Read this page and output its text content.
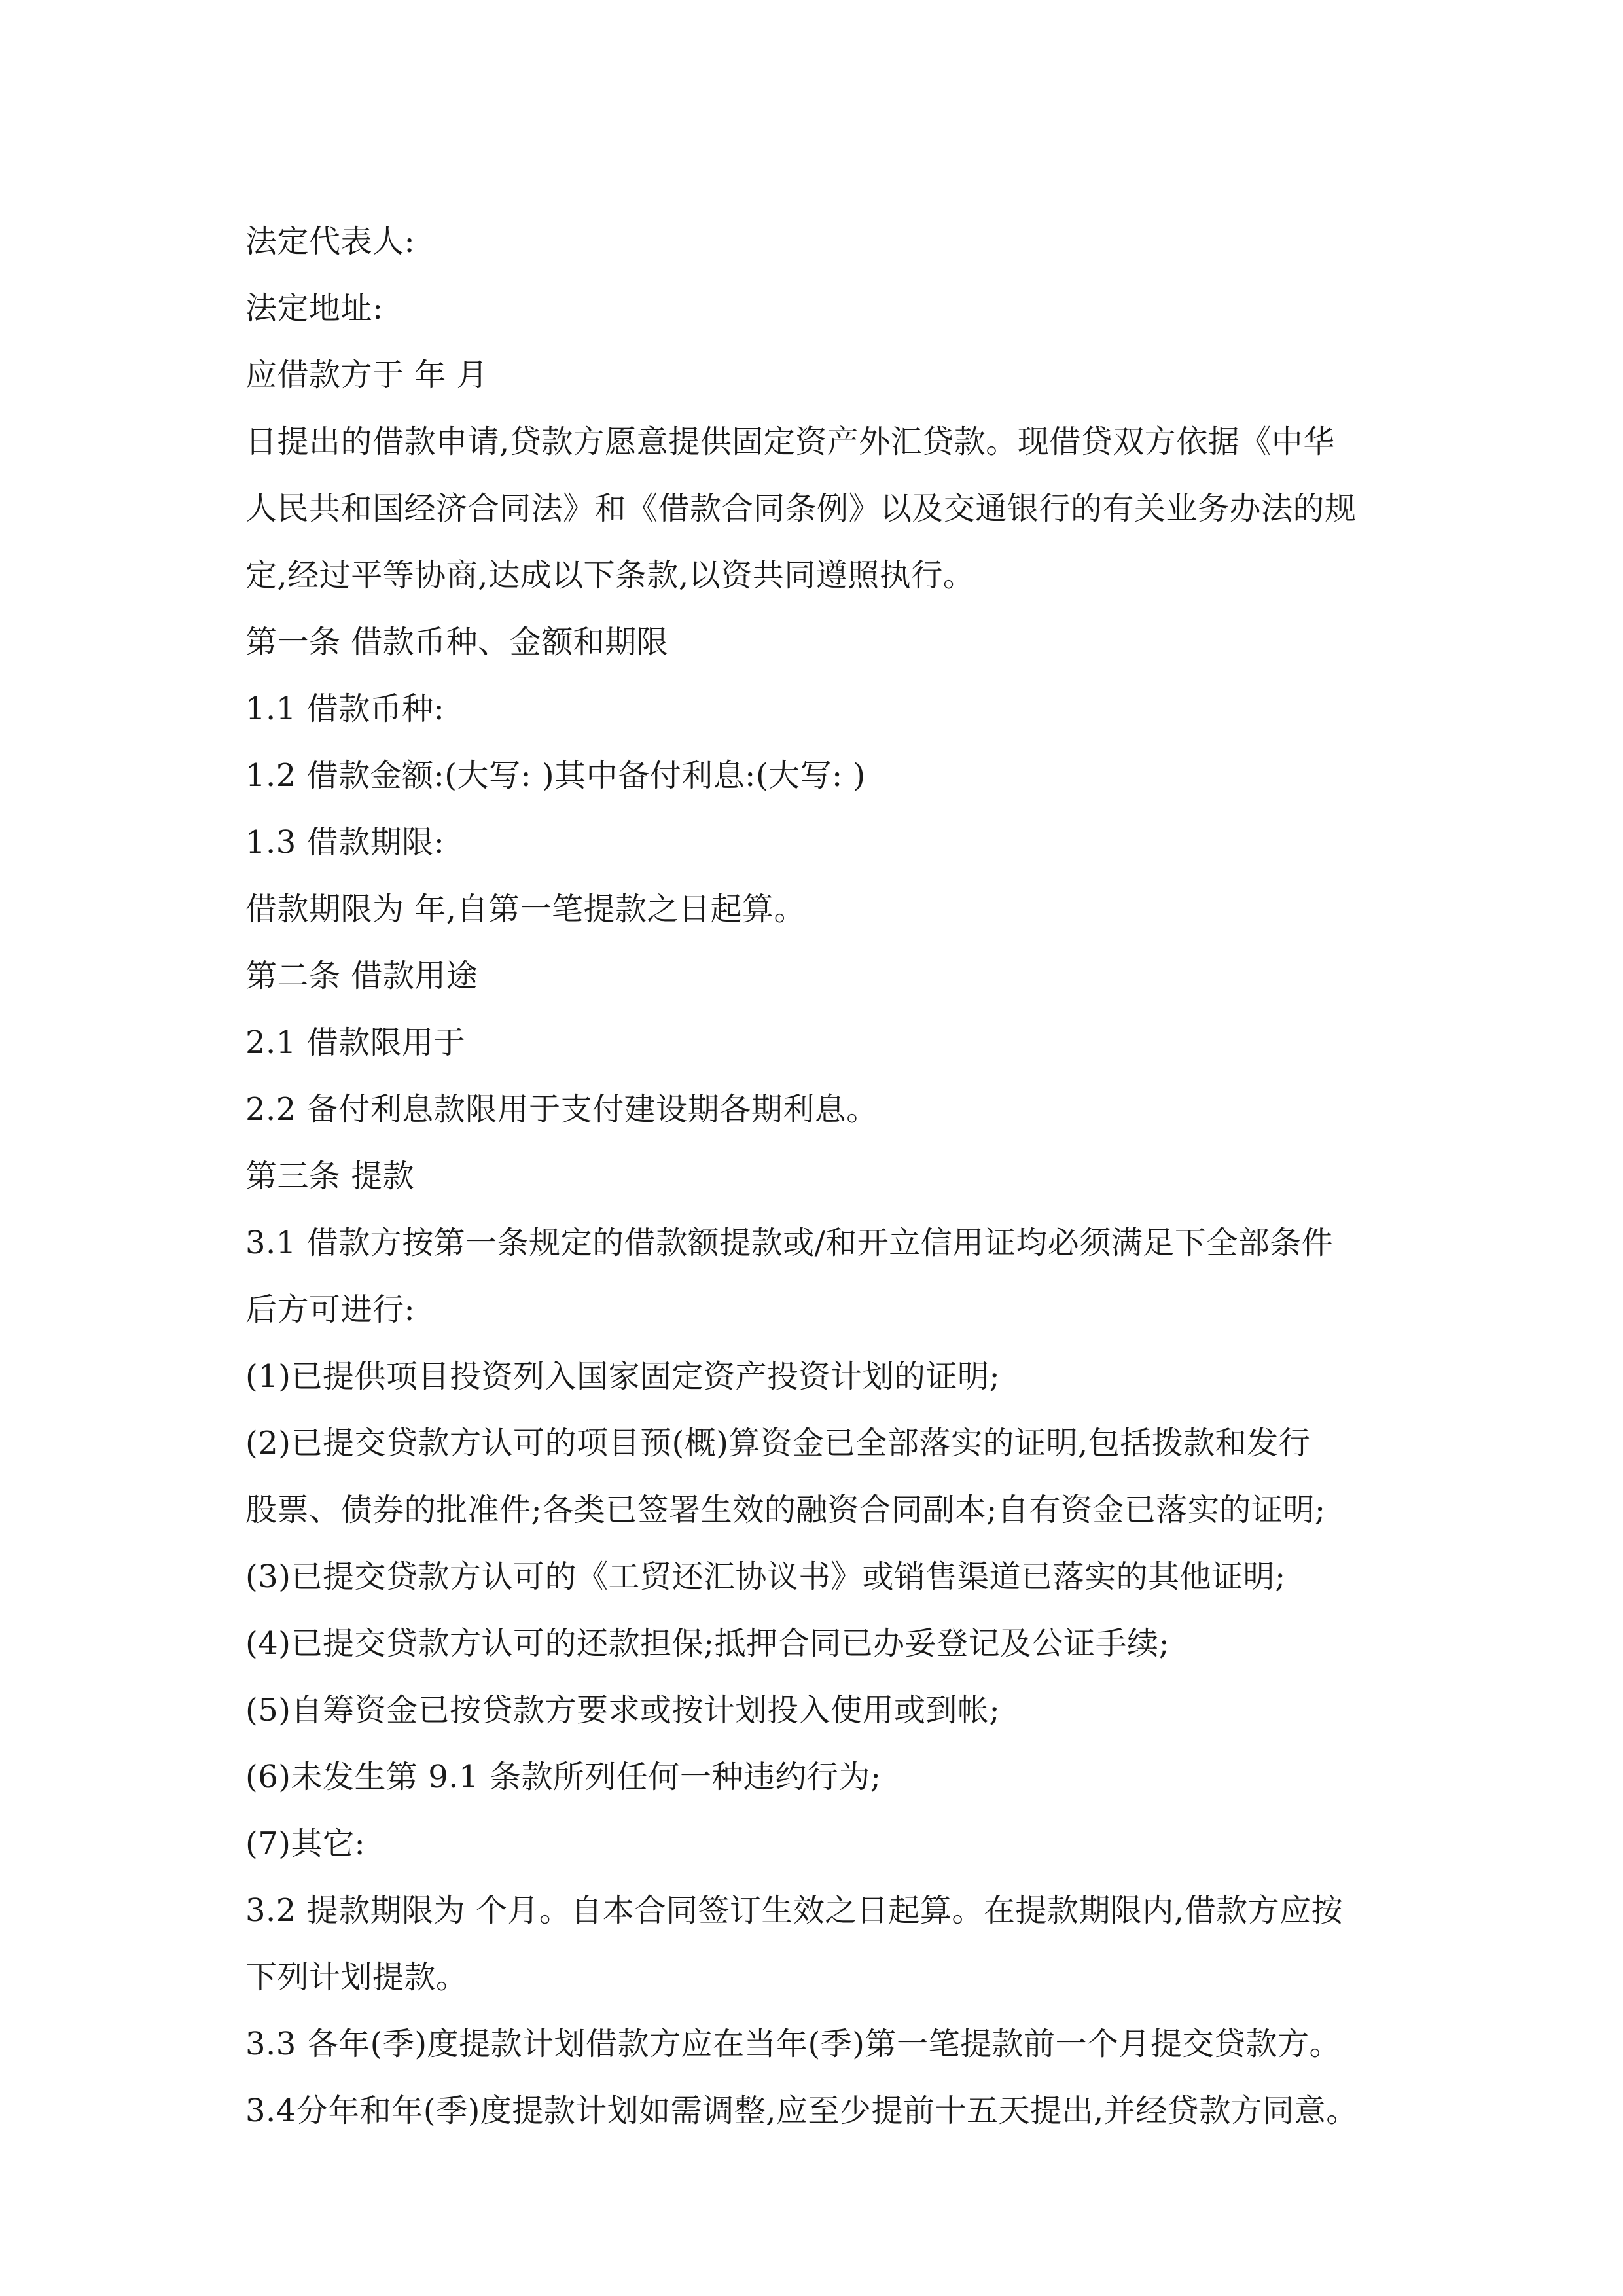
法定代表人:
法定地址:
应借款方于 年 月
日提出的借款申请,贷款方愿意提供固定资产外汇贷款。现借贷双方依据《中华
人民共和国经济合同法》和《借款合同条例》以及交通银行的有关业务办法的规
定,经过平等协商,达成以下条款,以资共同遵照执行。
第一条 借款币种、金额和期限
1.1 借款币种:
1.2 借款金额:(大写: )其中备付利息:(大写: )
1.3 借款期限:
借款期限为 年,自第一笔提款之日起算。
第二条 借款用途
2.1 借款限用于
2.2 备付利息款限用于支付建设期各期利息。
第三条 提款
3.1 借款方按第一条规定的借款额提款或/和开立信用证均必须满足下全部条件
后方可进行:
(1)已提供项目投资列入国家固定资产投资计划的证明;
(2)已提交贷款方认可的项目预(概)算资金已全部落实的证明,包括拨款和发行
股票、债券的批准件;各类已签署生效的融资合同副本;自有资金已落实的证明;
(3)已提交贷款方认可的《工贸还汇协议书》或销售渠道已落实的其他证明;
(4)已提交贷款方认可的还款担保;抵押合同已办妥登记及公证手续;
(5)自筹资金已按贷款方要求或按计划投入使用或到帐;
(6)未发生第 9.1 条款所列任何一种违约行为;
(7)其它:
3.2 提款期限为 个月。自本合同签订生效之日起算。在提款期限内,借款方应按
下列计划提款。
3.3 各年(季)度提款计划借款方应在当年(季)第一笔提款前一个月提交贷款方。
3.4分年和年(季)度提款计划如需调整,应至少提前十五天提出,并经贷款方同意。
